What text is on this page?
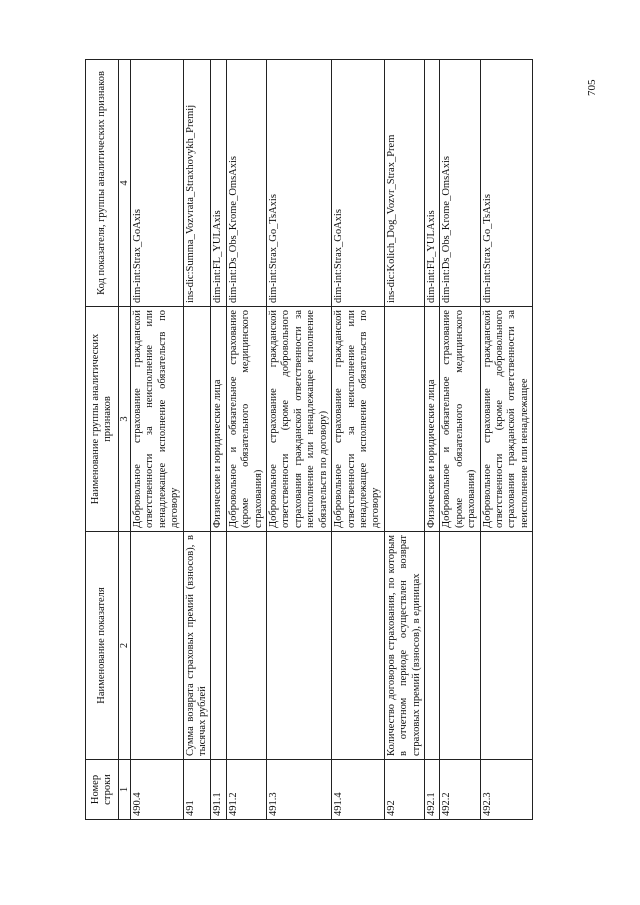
Номер строки	Наименование показателя	Наименование группы аналитических признаков	Код показателя, группы аналитических признаков
1	2	3	4
490.4		Добровольное страхование гражданской ответственности за неисполнение или ненадлежащее исполнение обязательств по договору	dim-int:Strax_GoAxis
491	Сумма возврата страховых премий (взносов), в тысячах рублей		ins-dic:Summa_Vozvrata_Straxhovykh_Premij
491.1		Физические и юридические лица	dim-int:FL_YULAxis
491.2		Добровольное и обязательное страхование (кроме обязательного медицинского страхования)	dim-int:Ds_Obs_Krome_OmsAxis
491.3		Добровольное страхование гражданской ответственности (кроме добровольного страхования гражданской ответственности за неисполнение или ненадлежащее исполнение обязательств по договору)	dim-int:Strax_Go_TsAxis
491.4		Добровольное страхование гражданской ответственности за неисполнение или ненадлежащее исполнение обязательств по договору	dim-int:Strax_GoAxis
492	Количество договоров страхования, по которым в отчетном периоде осуществлен возврат страховых премий (взносов), в единицах		ins-dic:Kolich_Dog_Vozvr_Strax_Prem
492.1		Физические и юридические лица	dim-int:FL_YULAxis
492.2		Добровольное и обязательное страхование (кроме обязательного медицинского страхования)	dim-int:Ds_Obs_Krome_OmsAxis
492.3		Добровольное страхование гражданской ответственности (кроме добровольного страхования гражданской ответственности за неисполнение или ненадлежащее	dim-int:Strax_Go_TsAxis
705
